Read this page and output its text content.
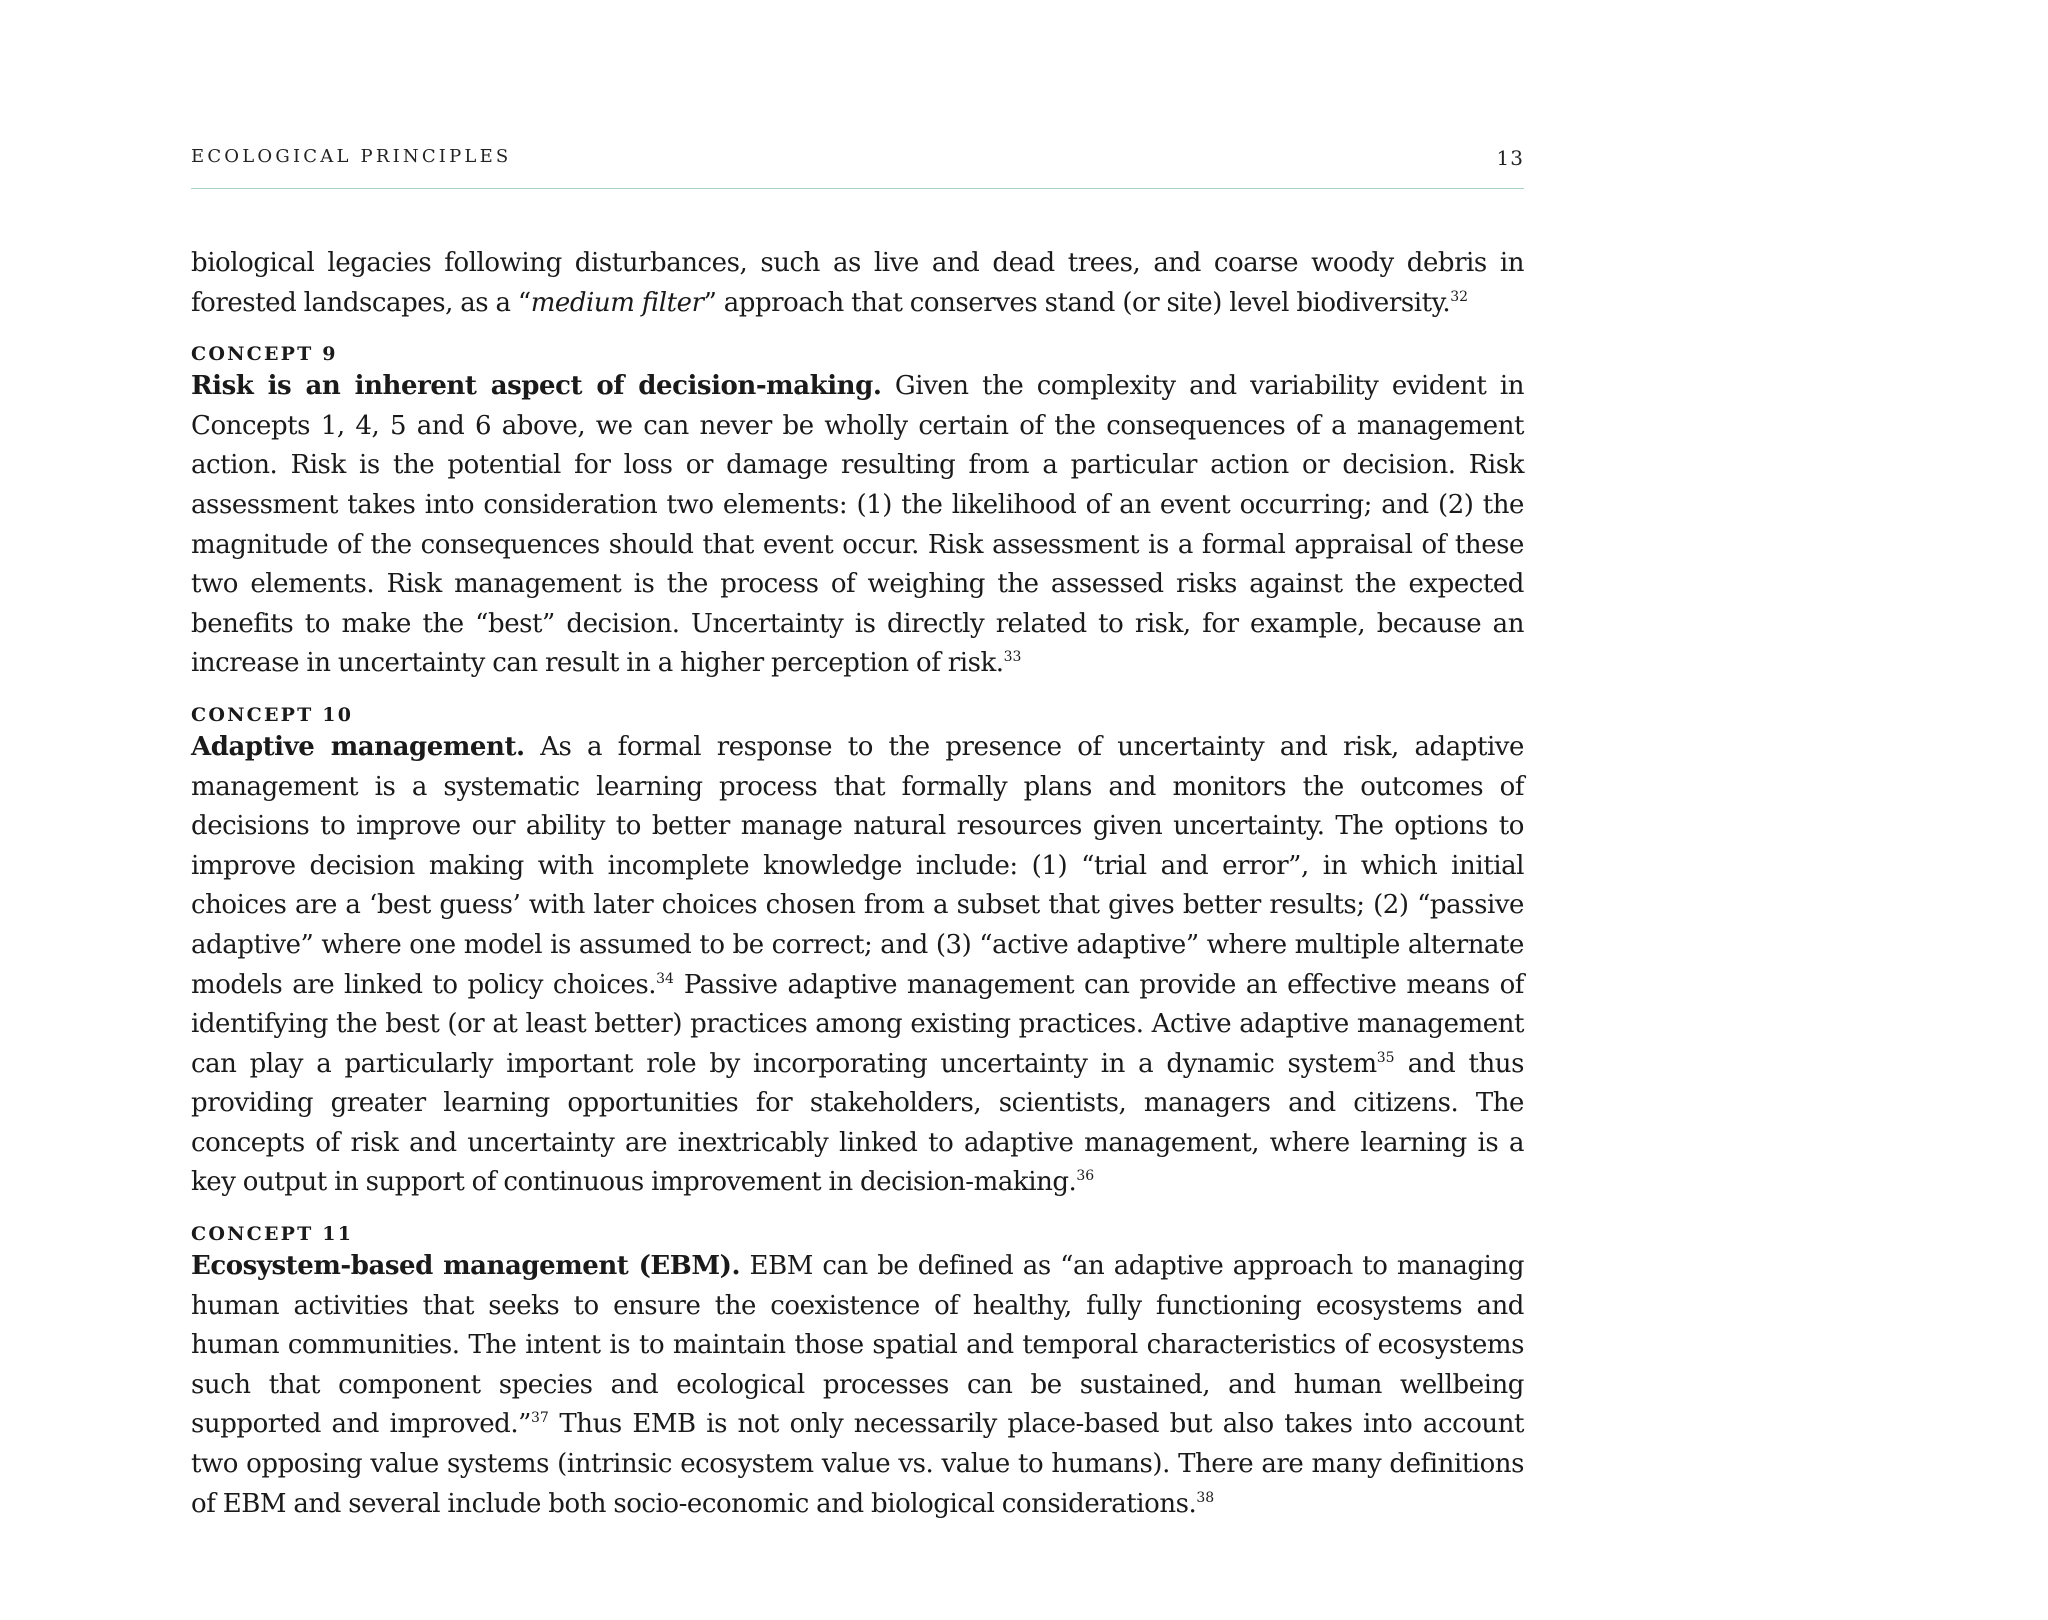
ECOLOGICAL PRINCIPLES	13

biological legacies following disturbances, such as live and dead trees, and coarse woody debris in forested landscapes, as a “medium filter” approach that conserves stand (or site) level biodiversity.$^{32}$

CONCEPT 9

Risk is an inherent aspect of decision-making. Given the complexity and variability evident in Concepts 1, 4, 5 and 6 above, we can never be wholly certain of the consequences of a management action. Risk is the potential for loss or damage resulting from a particular action or decision. Risk assessment takes into consideration two elements: (1) the likelihood of an event occurring; and (2) the magnitude of the consequences should that event occur. Risk assessment is a formal appraisal of these two elements. Risk management is the process of weighing the assessed risks against the expected benefits to make the “best” decision. Uncertainty is directly related to risk, for example, because an increase in uncertainty can result in a higher perception of risk.$^{33}$

CONCEPT 10

Adaptive management. As a formal response to the presence of uncertainty and risk, adaptive management is a systematic learning process that formally plans and monitors the outcomes of decisions to improve our ability to better manage natural resources given uncertainty. The options to improve decision making with incomplete knowledge include: (1) “trial and error”, in which initial choices are a ‘best guess’ with later choices chosen from a subset that gives better results; (2) “passive adaptive” where one model is assumed to be correct; and (3) “active adaptive” where multiple alternate models are linked to policy choices.$^{34}$ Passive adaptive management can provide an effective means of identifying the best (or at least better) practices among existing practices. Active adaptive management can play a particularly important role by incorporating uncertainty in a dynamic system$^{35}$ and thus providing greater learning opportunities for stakeholders, scientists, managers and citizens. The concepts of risk and uncertainty are inextricably linked to adaptive management, where learning is a key output in support of continuous improvement in decision-making.$^{36}$

CONCEPT 11

Ecosystem-based management (EBM). EBM can be defined as “an adaptive approach to managing human activities that seeks to ensure the coexistence of healthy, fully functioning ecosystems and human communities. The intent is to maintain those spatial and temporal characteristics of ecosystems such that component species and ecological processes can be sustained, and human wellbeing supported and improved.”$^{37}$ Thus EMB is not only necessarily place-based but also takes into account two opposing value systems (intrinsic ecosystem value vs. value to humans). There are many definitions of EBM and several include both socio-economic and biological considerations.$^{38}$
